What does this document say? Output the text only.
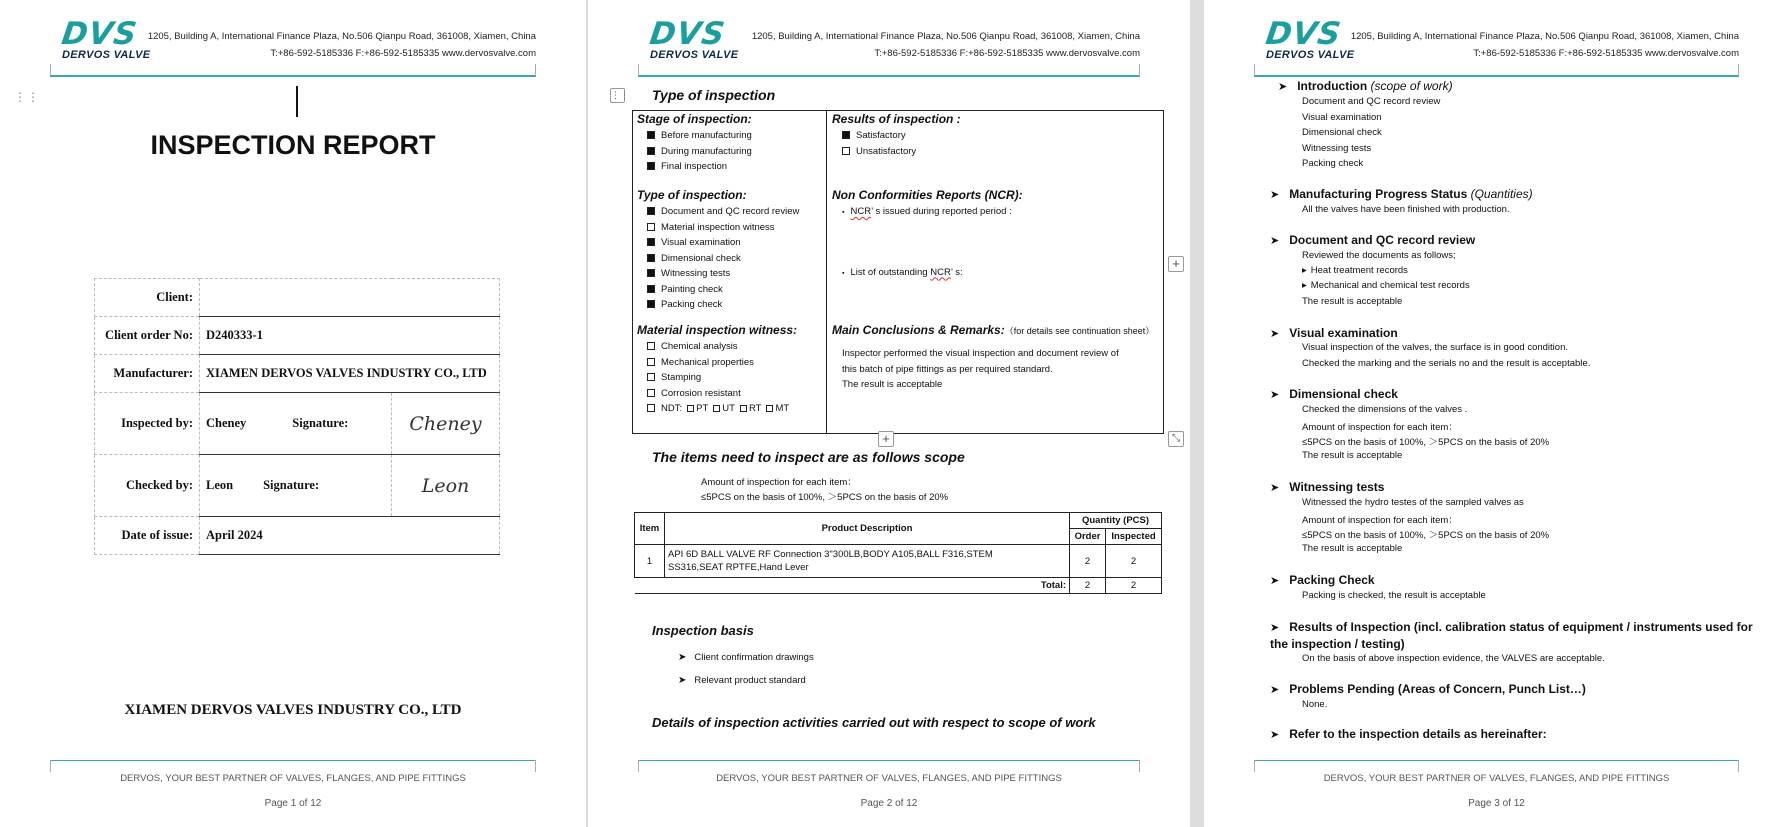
DVS
DERVOS VALVE
1205, Building A, International Finance Plaza, No.506 Qianpu Road, 361008, Xiamen, China
T:+86-592-5185336 F:+86-592-5185335 www.dervosvalve.com
⋮⋮
INSPECTION REPORT
Client:		
Client order No:	D240333-1	
Manufacturer:	XIAMEN DERVOS VALVES INDUSTRY CO., LTD	
Inspected by:	Cheney Signature:	Cheney
Checked by:	Leon Signature:	Leon
Date of issue:	April 2024	
XIAMEN DERVOS VALVES INDUSTRY CO., LTD
DERVOS, YOUR BEST PARTNER OF VALVES, FLANGES, AND PIPE FITTINGS
Page 1 of 12
DVS
DERVOS VALVE
1205, Building A, International Finance Plaza, No.506 Qianpu Road, 361008, Xiamen, China
T:+86-592-5185336 F:+86-592-5185335 www.dervosvalve.com
⋮⋮ Type of inspection
Stage of inspection:
Before manufacturing
During manufacturing
Final inspection
Type of inspection:
Document and QC record review
Material inspection witness
Visual examination
Dimensional check
Witnessing tests
Painting check
Packing check
Material inspection witness:
Chemical analysis
Mechanical properties
Stamping
Corrosion resistant
NDT: PT UT RT MT
Results of inspection :
Satisfactory
Unsatisfactory
Non Conformities Reports (NCR):
▪ NCR’ s issued during reported period :
▪ List of outstanding NCR’ s:
Main Conclusions & Remarks:（for details see continuation sheet）
Inspector performed the visual inspection and document review of
this batch of pipe fittings as per required standard.
The result is acceptable
+
+
⤡
The items need to inspect are as follows scope
Amount of inspection for each item：
≤5PCS on the basis of 100%, ＞5PCS on the basis of 20%
Item	Product Description	Quantity (PCS)	
		Order	Inspected
1	API 6D BALL VALVE RF Connection 3"300LB,BODY A105,BALL F316,STEM
SS316,SEAT RPTFE,Hand Lever	2	2
Total:		2	2
Inspection basis
➤ Client confirmation drawings
➤ Relevant product standard
Details of inspection activities carried out with respect to scope of work
DERVOS, YOUR BEST PARTNER OF VALVES, FLANGES, AND PIPE FITTINGS
Page 2 of 12
DVS
DERVOS VALVE
1205, Building A, International Finance Plaza, No.506 Qianpu Road, 361008, Xiamen, China
T:+86-592-5185336 F:+86-592-5185335 www.dervosvalve.com
➤ Introduction (scope of work)
Document and QC record review
Visual examination
Dimensional check
Witnessing tests
Packing check
➤ Manufacturing Progress Status (Quantities)
All the valves have been finished with production.
➤ Document and QC record review
Reviewed the documents as follows;
▸ Heat treatment records
▸ Mechanical and chemical test records
The result is acceptable
➤ Visual examination
Visual inspection of the valves, the surface is in good condition.
Checked the marking and the serials no and the result is acceptable.
➤ Dimensional check
Checked the dimensions of the valves .
Amount of inspection for each item：
≤5PCS on the basis of 100%, ＞5PCS on the basis of 20%
The result is acceptable
➤ Witnessing tests
Witnessed the hydro testes of the sampled valves as
Amount of inspection for each item：
≤5PCS on the basis of 100%, ＞5PCS on the basis of 20%
The result is acceptable
➤ Packing Check
Packing is checked, the result is acceptable
➤ Results of Inspection (incl. calibration status of equipment / instruments used for the inspection / testing)
On the basis of above inspection evidence, the VALVES are acceptable.
➤ Problems Pending (Areas of Concern, Punch List…)
None.
➤ Refer to the inspection details as hereinafter:
DERVOS, YOUR BEST PARTNER OF VALVES, FLANGES, AND PIPE FITTINGS
Page 3 of 12
